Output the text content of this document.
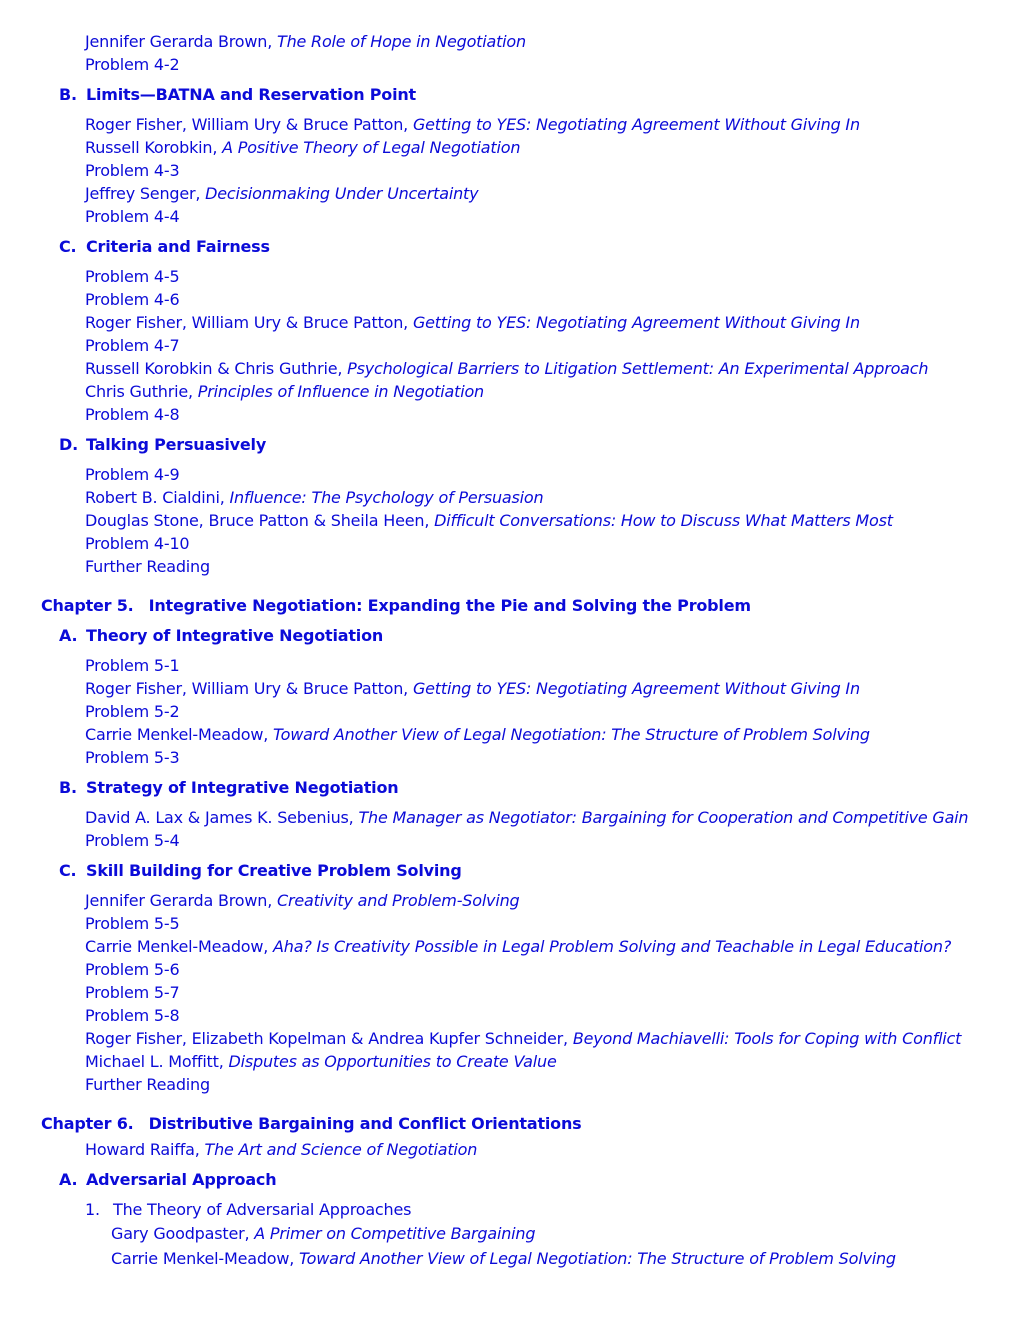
Jennifer Gerarda Brown, The Role of Hope in Negotiation
Problem 4-2
B. Limits—BATNA and Reservation Point
Roger Fisher, William Ury & Bruce Patton, Getting to YES: Negotiating Agreement Without Giving In
Russell Korobkin, A Positive Theory of Legal Negotiation
Problem 4-3
Jeffrey Senger, Decisionmaking Under Uncertainty
Problem 4-4
C. Criteria and Fairness
Problem 4-5
Problem 4-6
Roger Fisher, William Ury & Bruce Patton, Getting to YES: Negotiating Agreement Without Giving In
Problem 4-7
Russell Korobkin & Chris Guthrie, Psychological Barriers to Litigation Settlement: An Experimental Approach
Chris Guthrie, Principles of Influence in Negotiation
Problem 4-8
D. Talking Persuasively
Problem 4-9
Robert B. Cialdini, Influence: The Psychology of Persuasion
Douglas Stone, Bruce Patton & Sheila Heen, Difficult Conversations: How to Discuss What Matters Most
Problem 4-10
Further Reading
Chapter 5. Integrative Negotiation: Expanding the Pie and Solving the Problem
A. Theory of Integrative Negotiation
Problem 5-1
Roger Fisher, William Ury & Bruce Patton, Getting to YES: Negotiating Agreement Without Giving In
Problem 5-2
Carrie Menkel-Meadow, Toward Another View of Legal Negotiation: The Structure of Problem Solving
Problem 5-3
B. Strategy of Integrative Negotiation
David A. Lax & James K. Sebenius, The Manager as Negotiator: Bargaining for Cooperation and Competitive Gain
Problem 5-4
C. Skill Building for Creative Problem Solving
Jennifer Gerarda Brown, Creativity and Problem-Solving
Problem 5-5
Carrie Menkel-Meadow, Aha? Is Creativity Possible in Legal Problem Solving and Teachable in Legal Education?
Problem 5-6
Problem 5-7
Problem 5-8
Roger Fisher, Elizabeth Kopelman & Andrea Kupfer Schneider, Beyond Machiavelli: Tools for Coping with Conflict
Michael L. Moffitt, Disputes as Opportunities to Create Value
Further Reading
Chapter 6. Distributive Bargaining and Conflict Orientations
Howard Raiffa, The Art and Science of Negotiation
A. Adversarial Approach
1. The Theory of Adversarial Approaches
Gary Goodpaster, A Primer on Competitive Bargaining
Carrie Menkel-Meadow, Toward Another View of Legal Negotiation: The Structure of Problem Solving
